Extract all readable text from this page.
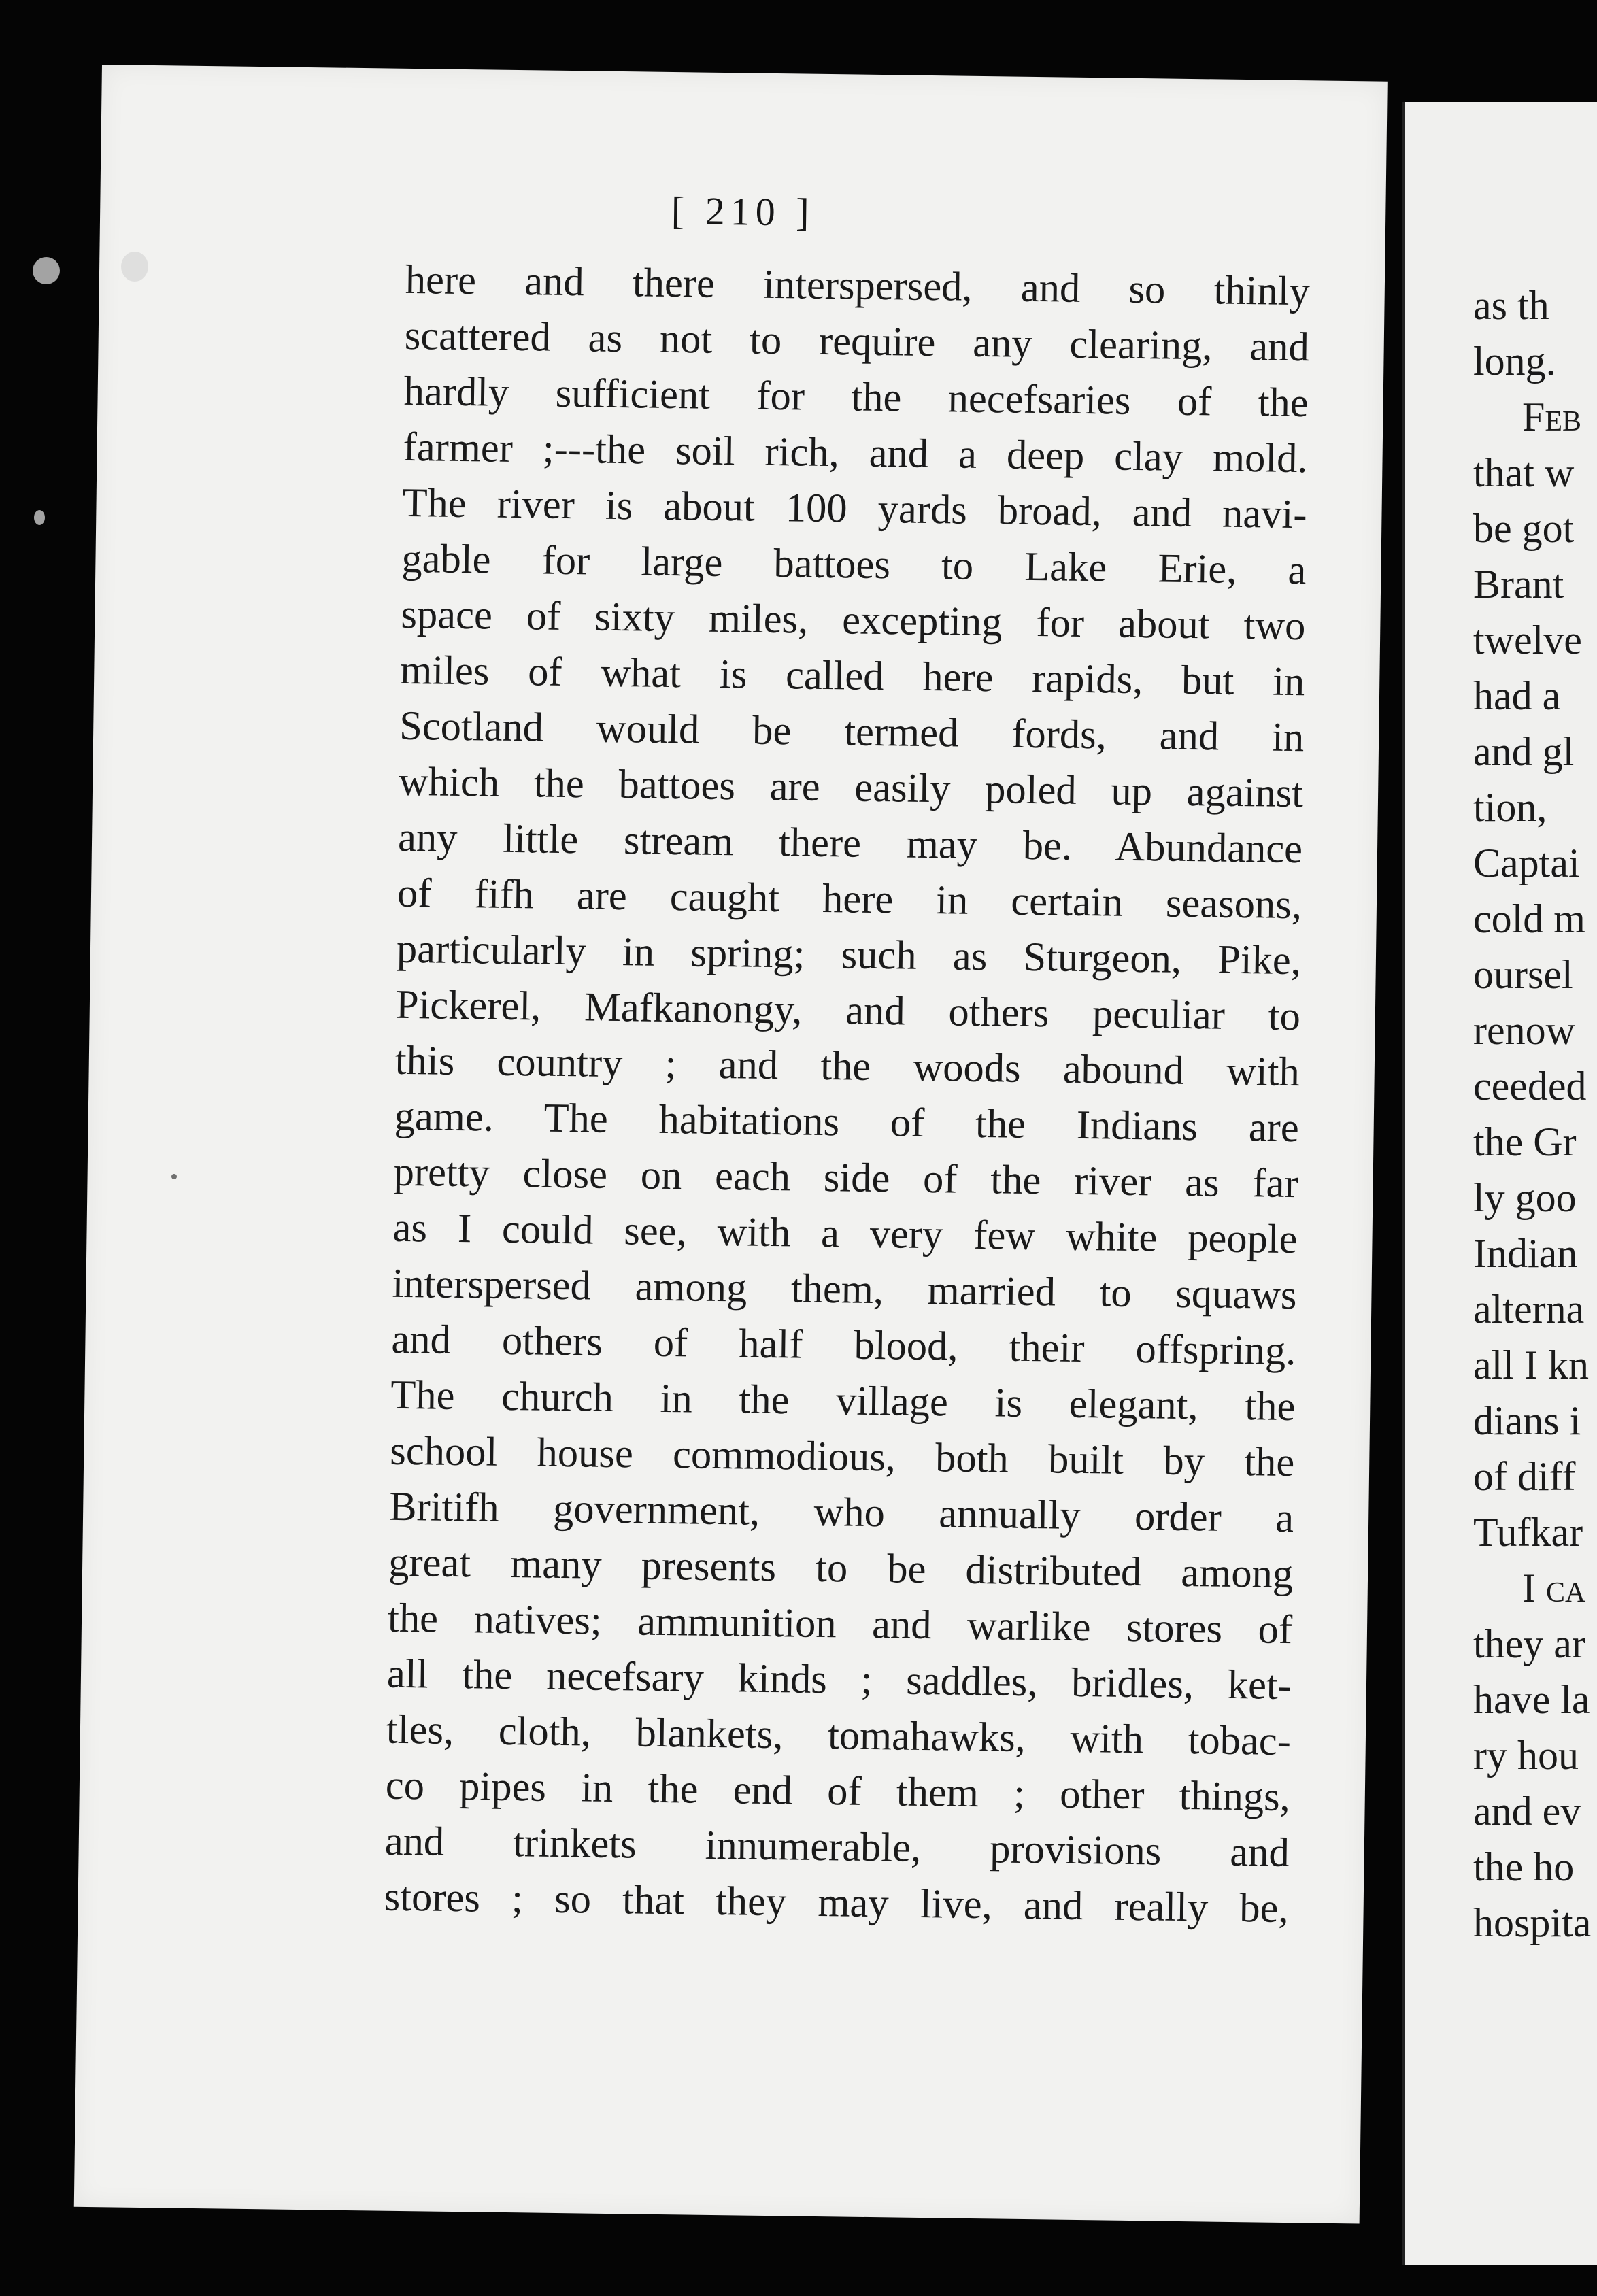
[ 210 ]
here and there interspersed, and so thinly
scattered as not to require any clearing, and
hardly sufficient for the necefsaries of the
farmer ;---the soil rich, and a deep clay mold.
The river is about 100 yards broad, and navi-
gable for large battoes to Lake Erie, a
space of sixty miles, excepting for about two
miles of what is called here rapids, but in
Scotland would be termed fords, and in
which the battoes are easily poled up against
any little stream there may be. Abundance
of fifh are caught here in certain seasons,
particularly in spring; such as Sturgeon, Pike,
Pickerel, Mafkanongy, and others peculiar to
this country ; and the woods abound with
game. The habitations of the Indians are
pretty close on each side of the river as far
as I could see, with a very few white people
interspersed among them, married to squaws
and others of half blood, their offspring.
The church in the village is elegant, the
school house commodious, both built by the
Britifh government, who annually order a
great many presents to be distributed among
the natives; ammunition and warlike stores of
all the necefsary kinds ; saddles, bridles, ket-
tles, cloth, blankets, tomahawks, with tobac-
co pipes in the end of them ; other things,
and trinkets innumerable, provisions and
stores ; so that they may live, and really be,
as th
long.
Feb
that w
be got
Brant
twelve
had a
and gl
tion,
Captai
cold m
oursel
renow
ceeded
the Gr
ly goo
Indian
alterna
all I kn
dians i
of diff
Tufkar
I ca
they ar
have la
ry hou
and ev
the ho
hospita
